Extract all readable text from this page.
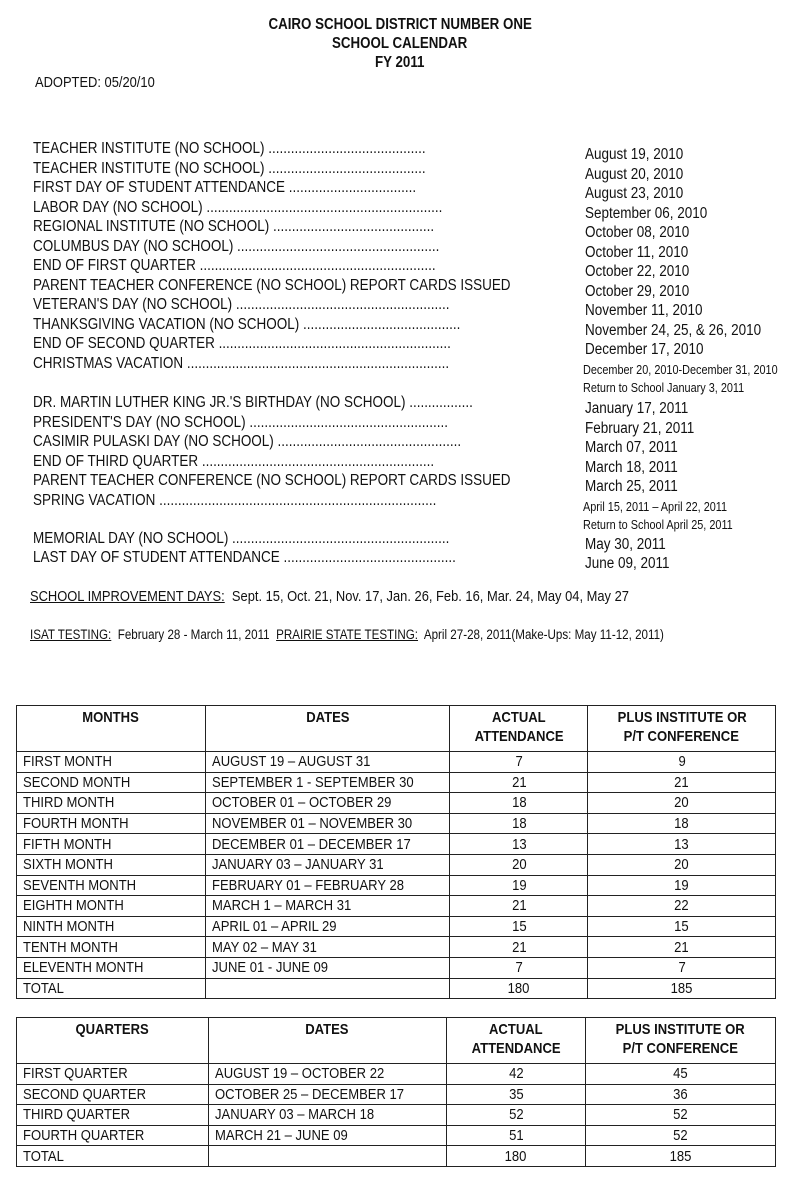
CAIRO SCHOOL DISTRICT NUMBER ONE
SCHOOL CALENDAR
FY 2011
ADOPTED: 05/20/10
TEACHER INSTITUTE (NO SCHOOL) ..........................................	August 19, 2010
TEACHER INSTITUTE (NO SCHOOL) ..........................................	August 20, 2010
FIRST DAY OF STUDENT ATTENDANCE ..................................	August 23, 2010
LABOR DAY (NO SCHOOL) ...............................................................	September 06, 2010
REGIONAL INSTITUTE (NO SCHOOL) ...........................................	October 08, 2010
COLUMBUS DAY (NO SCHOOL) ......................................................	October 11, 2010
END OF FIRST QUARTER ...............................................................	October 22, 2010
PARENT TEACHER CONFERENCE (NO SCHOOL) REPORT CARDS ISSUED	October 29, 2010
VETERAN'S DAY (NO SCHOOL) .........................................................	November 11, 2010
THANKSGIVING VACATION (NO SCHOOL) ..........................................	November 24, 25, & 26, 2010
END OF SECOND QUARTER ..............................................................	December 17, 2010
CHRISTMAS VACATION ......................................................................	December 20, 2010-December 31, 2010
Return to School January 3, 2011
DR. MARTIN LUTHER KING JR.'S BIRTHDAY (NO SCHOOL) .................	January 17, 2011
PRESIDENT'S DAY (NO SCHOOL) .....................................................	February 21, 2011
CASIMIR PULASKI DAY (NO SCHOOL) .................................................	March 07, 2011
END OF THIRD QUARTER ..............................................................	March 18, 2011
PARENT TEACHER CONFERENCE (NO SCHOOL) REPORT CARDS ISSUED	March 25, 2011
SPRING VACATION ..........................................................................	April 15, 2011 – April 22, 2011
Return to School April 25, 2011
MEMORIAL DAY (NO SCHOOL) ..........................................................	May 30, 2011
LAST DAY OF STUDENT ATTENDANCE ..............................................	June 09, 2011
SCHOOL IMPROVEMENT DAYS: Sept. 15, Oct. 21, Nov. 17, Jan. 26, Feb. 16, Mar. 24, May 04, May 27
ISAT TESTING: February 28 - March 11, 2011 PRAIRIE STATE TESTING: April 27-28, 2011(Make-Ups: May 11-12, 2011)
MONTHS	DATES	ACTUAL
ATTENDANCE	PLUS INSTITUTE OR
P/T CONFERENCE
FIRST MONTH	AUGUST 19 – AUGUST 31	7	9
SECOND MONTH	SEPTEMBER 1 - SEPTEMBER 30	21	21
THIRD MONTH	OCTOBER 01 – OCTOBER 29	18	20
FOURTH MONTH	NOVEMBER 01 – NOVEMBER 30	18	18
FIFTH MONTH	DECEMBER 01 – DECEMBER 17	13	13
SIXTH MONTH	JANUARY 03 – JANUARY 31	20	20
SEVENTH MONTH	FEBRUARY 01 – FEBRUARY 28	19	19
EIGHTH MONTH	MARCH 1 – MARCH 31	21	22
NINTH MONTH	APRIL 01 – APRIL 29	15	15
TENTH MONTH	MAY 02 – MAY 31	21	21
ELEVENTH MONTH	JUNE 01 - JUNE 09	7	7
TOTAL		180	185
QUARTERS	DATES	ACTUAL
ATTENDANCE	PLUS INSTITUTE OR
P/T CONFERENCE
FIRST QUARTER	AUGUST 19 – OCTOBER 22	42	45
SECOND QUARTER	OCTOBER 25 – DECEMBER 17	35	36
THIRD QUARTER	JANUARY 03 – MARCH 18	52	52
FOURTH QUARTER	MARCH 21 – JUNE 09	51	52
TOTAL		180	185
